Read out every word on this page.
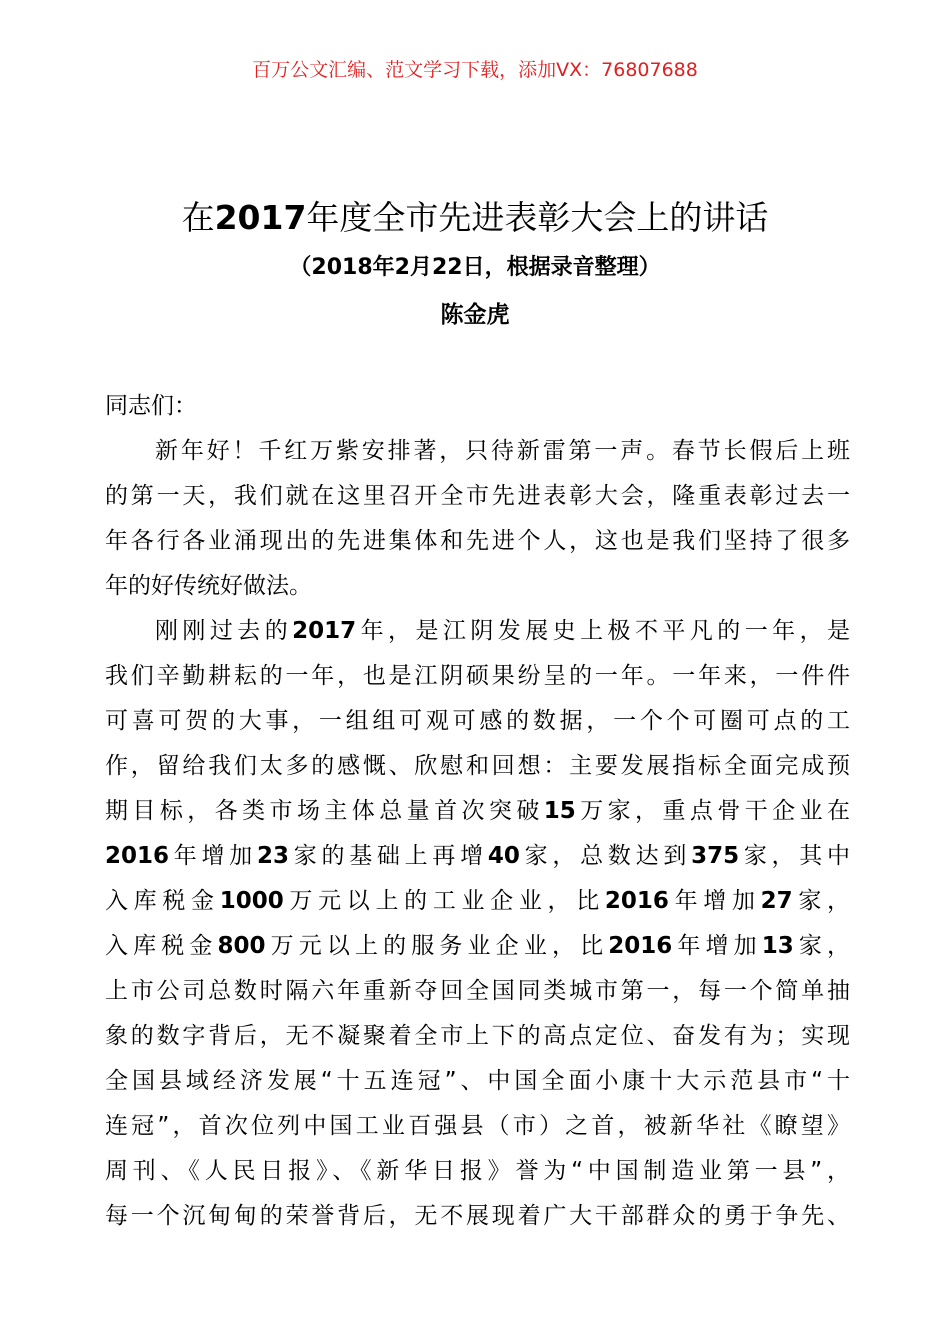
百万公文汇编、范文学习下载，添加VX：76807688
在2017年度全市先进表彰大会上的讲话
（2018年2月22日，根据录音整理）
陈金虎
同志们：
新年好！千红万紫安排著，只待新雷第一声。春节长假后上班
的第一天，我们就在这里召开全市先进表彰大会，隆重表彰过去一
年各行各业涌现出的先进集体和先进个人，这也是我们坚持了很多
年的好传统好做法。
刚刚过去的2017年，是江阴发展史上极不平凡的一年，是
我们辛勤耕耘的一年，也是江阴硕果纷呈的一年。一年来，一件件
可喜可贺的大事，一组组可观可感的数据，一个个可圈可点的工
作，留给我们太多的感慨、欣慰和回想：主要发展指标全面完成预
期目标，各类市场主体总量首次突破15万家，重点骨干企业在
2016年增加23家的基础上再增40家，总数达到375家，其中
入库税金1000万元以上的工业企业，比2016年增加27家，
入库税金800万元以上的服务业企业，比2016年增加13家，
上市公司总数时隔六年重新夺回全国同类城市第一，每一个简单抽
象的数字背后，无不凝聚着全市上下的高点定位、奋发有为；实现
全国县域经济发展“十五连冠”、中国全面小康十大示范县市“十
连冠”，首次位列中国工业百强县（市）之首，被新华社《瞭望》
周刊、《人民日报》、《新华日报》誉为“中国制造业第一县”，
每一个沉甸甸的荣誉背后，无不展现着广大干部群众的勇于争先、
